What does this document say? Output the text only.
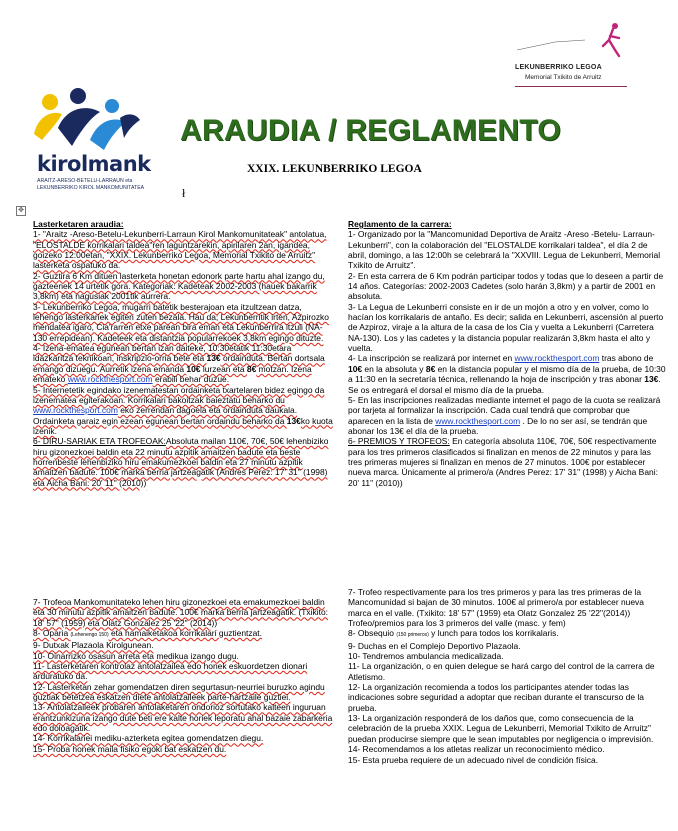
kirolmank
ARAITZ-ARESO-BETELU-LARRAUN eta
LEKUNBERRIKO KIROL MANKOMUNITATEA
LEKUNBERRIKO LEGOA
Memorial Txikito de Arruitz
ARAUDIA / REGLAMENTO
XXIX. LEKUNBERRIKO LEGOA
ł
✥

Lasterketaren araudia:

1- "Araitz -Areso-Betelu-Lekunberri-Larraun Kirol Mankomunitateak" antolatua, "ELOSTALDE korrikalari taldea"ren laguntzarekin, apirilaren 2an, igandea, goizeko 12:00etan, "XXIX. Lekunberriko Legoa, Memorial Txikito de Arruitz" lasterketa ospatuko da.

2- Guztira 6 Km dituen lasterketa honetan edonork parte hartu ahal izango du, gazteenek 14 urtetik gora. Kategoriak: Kadeteak 2002-2003 (hauek bakarrik 3,8km) eta nagusiak 2001tik aurrera.

3- Lekunberriko Legoa, mugarri batetik besterajoan eta itzultzean datza, lehengo lasterkariek egiten zuten bezala. Hau da; Lekunberritik irten, Azpirozko mendatea igaro, Cia'rarren etxe parean bira eman eta Lekunberrira itzuli (NA-130 errepidean). Kadeteek eta distantzia popularrekoek 3,8km egingo dituzte.

4- Izena-ematea egunean bertan izan daiteke, 10:30etatik 11:30etara idazkaritza teknikoan, inskripzio-orria bete eta 13€ ordainduta. Bertan dortsala emango dizuegu. Aurretik izena emanda 10€ lurzean eta 8€ motzan. Izena emateko www.rockthesport.com erabili behar duzue.

5- Internetetik egindako izenematestan ordainketa txartelaren bidez egingo da izenematea egiterakoan. Korrikalari bakoitzak baieztatu beharko du www.rockthesport.com eko zerrendan dagoela eta ordainduta daukala. Ordainketa garaiz egin ezean egunean bertan ordaindu beharko da 13€ko kuota izenik.

6- DIRU-SARIAK ETA TROFEOAK:Absoluta mailan 110€, 70€, 50€ lehenbiziko hiru gizonezkoei baldin eta 22 minutu azpitik amaitzen badute eta beste horrenbeste lehenbiziko hiru emakumezkoei baldin eta 27 minutu azpitik amaitzen badute. 100€ marka berria jartzeagatik (Andres Perez: 17' 31" (1998) eta Aicha Bani: 20' 11" (2010))

7- Trofeoa Mankomunitateko lehen hiru gizonezkoei eta emakumezkoei baldin eta 30 minutu azpitik amaitzen badute. 100€ marka berria jartzeagatik. (Txikito: 18' 57" (1959) eta Olatz Gonzalez 25 '22" (2014))

8- Oparia (Lehenengo 150) eta hamaiketakoa korrikalari guztientzat.

9- Dutxak Plazaola Kirolgunean.

10- Oinarrizko osasun arreta eta medikua izango dugu.

11- Lasterketaren kontrolaz antolatzailea edo honek eskuordetzen dionari arduratuko da.

12- Lasterketan zehar gomendatzen diren segurtasun-neurriei buruzko agindu guztiak betetzea eskatzen diete antolatzaileek parte-hartzaile guztiei.

13- Antolatzaileek probaren antolaketaren ondorioz sortutako kalteen inguruan erantzunkizuna izango dute beti ere kalte horiek leporatu ahal bazaie zabarkeria edo doloagatik.

14- Korrikalariei mediku-azterketa egitea gomendatzen diegu.

15- Proba honek maila fisiko egoki bat eskatzen du.

Reglamento de la carrera:

1- Organizado por la "Mancomunidad Deportiva de Araitz -Areso -Betelu- Larraun-Lekunberri", con la colaboración del "ELOSTALDE korrikalari taldea", el día 2 de abril, domingo, a las 12:00h se celebrará la "XXVIII. Legua de Lekunberri, Memorial Txikito de Arruitz".

2- En esta carrera de 6 Km podrán participar todos y todas que lo deseen a partir de 14 años. Categorías: 2002-2003 Cadetes (solo harán 3,8km) y a partir de 2001 en absoluta.

3- La Legua de Lekunberri consiste en ir de un mojón a otro y en volver, como lo hacían los korrikalaris de antaño. Es decir; salida en Lekunberri, ascensión al puerto de Azpiroz, viraje a la altura de la casa de los Cia y vuelta a Lekunberri (Carretera NA-130). Los y las cadetes y la distancia popular realizarán 3,8km hasta el alto y vuelta.

4- La inscripción se realizará por internet en www.rockthesport.com tras abono de 10€ en la absoluta y 8€ en la distancia popular y el mismo día de la prueba, de 10:30 a 11:30 en la secretaría técnica, rellenando la hoja de inscripción y tras abonar 13€. Se os entregará el dorsal el mismo día de la prueba.

5- En las inscripciones realizadas mediante internet el pago de la cuota se realizará por tarjeta al formalizar la inscripción. Cada cual tendrá que comprobar que aparecen en la lista de www.rockthesport.com . De lo no ser así, se tendrán que abonar los 13€ el día de la prueba.

6- PREMIOS Y TROFEOS: En categoría absoluta 110€, 70€, 50€ respectivamente para los tres primeros clasificados si finalizan en menos de 22 minutos y para las tres primeras mujeres si finalizan en menos de 27 minutos. 100€ por establecer nueva marca. Únicamente al primero/a (Andres Perez: 17' 31" (1998) y Aicha Bani: 20' 11" (2010))

7- Trofeo respectivamente para los tres primeros y para las tres primeras de la Mancomunidad si bajan de 30 minutos. 100€ al primero/a por establecer nueva marca en el valle. (Txikito: 18' 57" (1959) eta Olatz Gonzalez 25 '22"(2014)) Trofeo/premios para los 3 primeros del valle (masc. y fem)

8- Obsequio (150 primeros) y lunch para todos los korrikalaris.

9- Duchas en el Complejo Deportivo Plazaola.

10- Tendremos ambulancia medicalizada.

11- La organización, o en quien delegue se hará cargo del control de la carrera de Atletismo.

12- La organización recomienda a todos los participantes atender todas las indicaciones sobre seguridad a adoptar que reciban durante el transcurso de la prueba.

13- La organización responderá de los daños que, como consecuencia de la celebración de la prueba XXIX. Legua de Lekunberri, Memorial Txikito de Arruitz" puedan producirse siempre que le sean imputables por negligencia o imprevisión.

14- Recomendamos a los atletas realizar un reconocimiento médico.

15- Esta prueba requiere de un adecuado nivel de condición física.
